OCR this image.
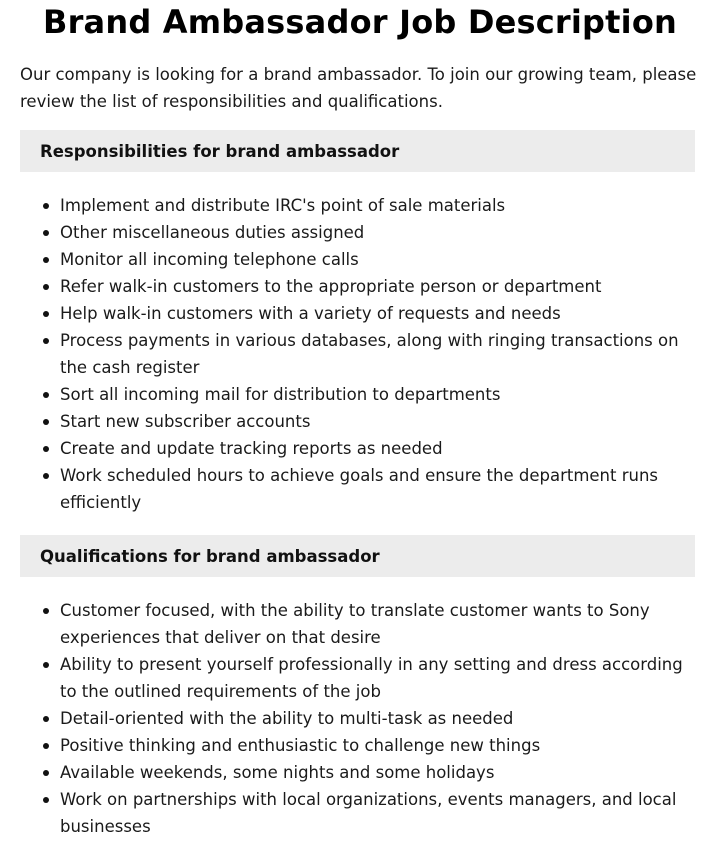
Brand Ambassador Job Description

Our company is looking for a brand ambassador. To join our growing team, please review the list of responsibilities and qualifications.

Responsibilities for brand ambassador
Implement and distribute IRC's point of sale materials
Other miscellaneous duties assigned
Monitor all incoming telephone calls
Refer walk-in customers to the appropriate person or department
Help walk-in customers with a variety of requests and needs
Process payments in various databases, along with ringing transactions on the cash register
Sort all incoming mail for distribution to departments
Start new subscriber accounts
Create and update tracking reports as needed
Work scheduled hours to achieve goals and ensure the department runs efficiently
Qualifications for brand ambassador
Customer focused, with the ability to translate customer wants to Sony experiences that deliver on that desire
Ability to present yourself professionally in any setting and dress according to the outlined requirements of the job
Detail-oriented with the ability to multi-task as needed
Positive thinking and enthusiastic to challenge new things
Available weekends, some nights and some holidays
Work on partnerships with local organizations, events managers, and local businesses
